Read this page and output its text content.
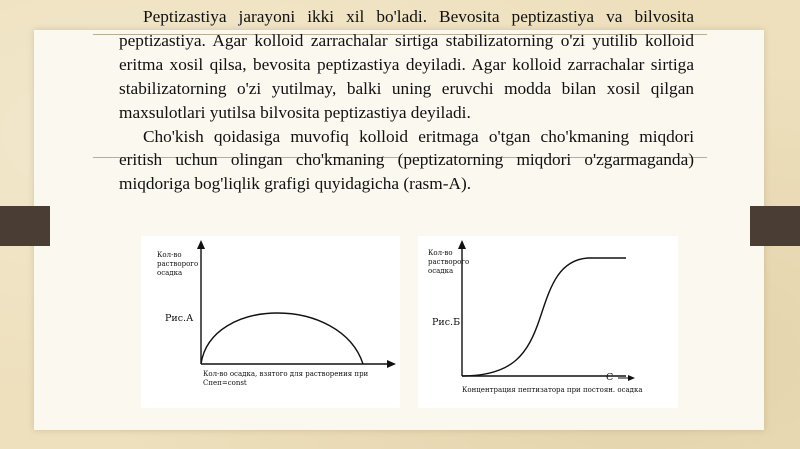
Peptizastiya jarayoni ikki xil bo'ladi. Bevosita peptizastiya va bilvosita peptizastiya. Agar kolloid zarrachalar sirtiga stabilizatorning o'zi yutilib kolloid eritma xosil qilsa, bevosita peptizastiya deyiladi. Agar kolloid zarrachalar sirtiga stabilizatorning o'zi yutilmay, balki uning eruvchi modda bilan xosil qilgan maxsulotlari yutilsa bilvosita peptizastiya deyiladi.

Cho'kish qoidasiga muvofiq kolloid eritmaga o'tgan cho'kmaning miqdori eritish uchun olingan cho'kmaning (peptizatorning miqdori o'zgarmaganda) miqdoriga bog'liqlik grafigi quyidagicha (rasm-A).

Кол-во
растворого
осадка
Рис.А
Кол-во осадка, взятого для растворения при
Спеп=const
Кол-во
растворого
осадка
Рис.Б
C
Концентрация пептизатора при постоян. осадка
